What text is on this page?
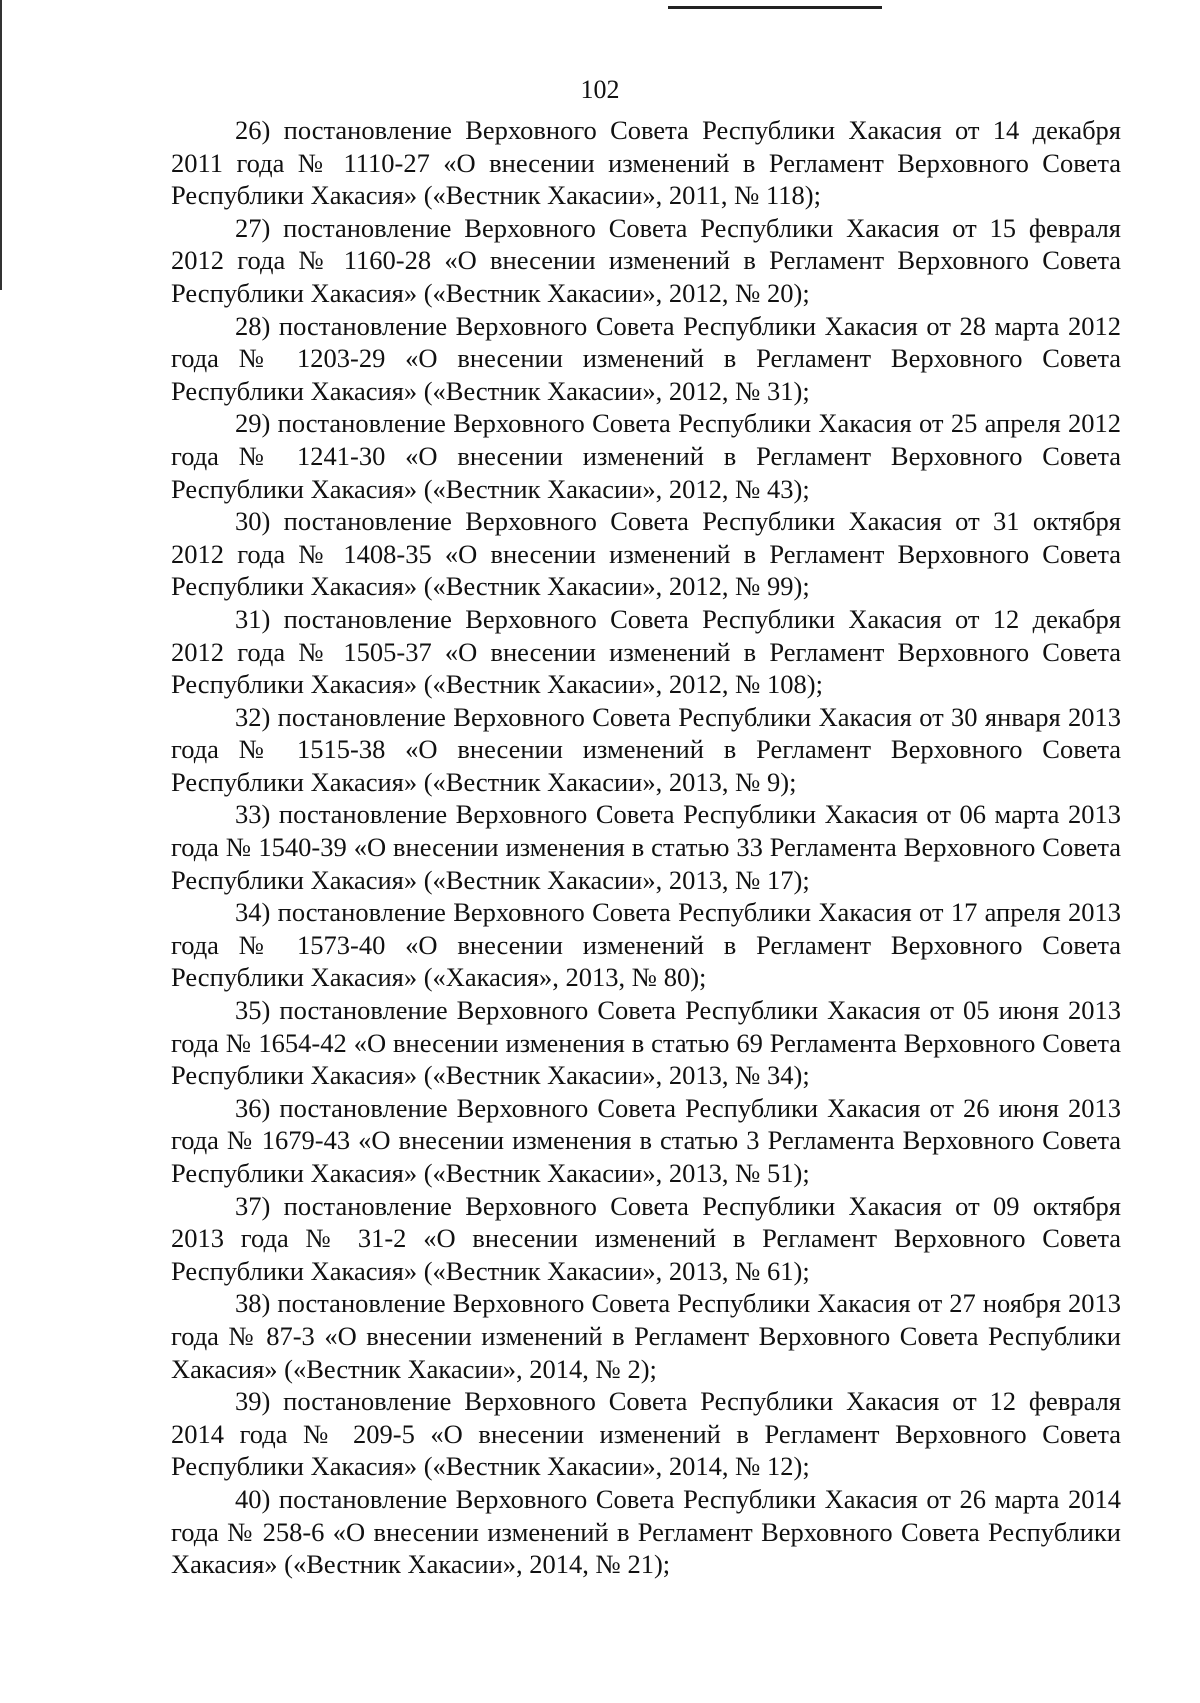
102

26) постановление Верховного Совета Республики Хакасия от 14 декабря 2011 года № 1110-27 «О внесении изменений в Регламент Верховного Совета Республики Хакасия» («Вестник Хакасии», 2011, № 118);

27) постановление Верховного Совета Республики Хакасия от 15 февраля 2012 года № 1160-28 «О внесении изменений в Регламент Верховного Совета Республики Хакасия» («Вестник Хакасии», 2012, № 20);

28) постановление Верховного Совета Республики Хакасия от 28 марта 2012 года № 1203-29 «О внесении изменений в Регламент Верховного Совета Республики Хакасия» («Вестник Хакасии», 2012, № 31);

29) постановление Верховного Совета Республики Хакасия от 25 апреля 2012 года № 1241-30 «О внесении изменений в Регламент Верховного Совета Республики Хакасия» («Вестник Хакасии», 2012, № 43);

30) постановление Верховного Совета Республики Хакасия от 31 октября 2012 года № 1408-35 «О внесении изменений в Регламент Верховного Совета Республики Хакасия» («Вестник Хакасии», 2012, № 99);

31) постановление Верховного Совета Республики Хакасия от 12 декабря 2012 года № 1505-37 «О внесении изменений в Регламент Верховного Совета Республики Хакасия» («Вестник Хакасии», 2012, № 108);

32) постановление Верховного Совета Республики Хакасия от 30 января 2013 года № 1515-38 «О внесении изменений в Регламент Верховного Совета Республики Хакасия» («Вестник Хакасии», 2013, № 9);

33) постановление Верховного Совета Республики Хакасия от 06 марта 2013 года № 1540-39 «О внесении изменения в статью 33 Регламента Верховного Совета Республики Хакасия» («Вестник Хакасии», 2013, № 17);

34) постановление Верховного Совета Республики Хакасия от 17 апреля 2013 года № 1573-40 «О внесении изменений в Регламент Верховного Совета Республики Хакасия» («Хакасия», 2013, № 80);

35) постановление Верховного Совета Республики Хакасия от 05 июня 2013 года № 1654-42 «О внесении изменения в статью 69 Регламента Верховного Совета Республики Хакасия» («Вестник Хакасии», 2013, № 34);

36) постановление Верховного Совета Республики Хакасия от 26 июня 2013 года № 1679-43 «О внесении изменения в статью 3 Регламента Верховного Совета Республики Хакасия» («Вестник Хакасии», 2013, № 51);

37) постановление Верховного Совета Республики Хакасия от 09 октября 2013 года № 31-2 «О внесении изменений в Регламент Верховного Совета Республики Хакасия» («Вестник Хакасии», 2013, № 61);

38) постановление Верховного Совета Республики Хакасия от 27 ноября 2013 года № 87-3 «О внесении изменений в Регламент Верховного Совета Республики Хакасия» («Вестник Хакасии», 2014, № 2);

39) постановление Верховного Совета Республики Хакасия от 12 февраля 2014 года № 209-5 «О внесении изменений в Регламент Верховного Совета Республики Хакасия» («Вестник Хакасии», 2014, № 12);

40) постановление Верховного Совета Республики Хакасия от 26 марта 2014 года № 258-6 «О внесении изменений в Регламент Верховного Совета Республики Хакасия» («Вестник Хакасии», 2014, № 21);
